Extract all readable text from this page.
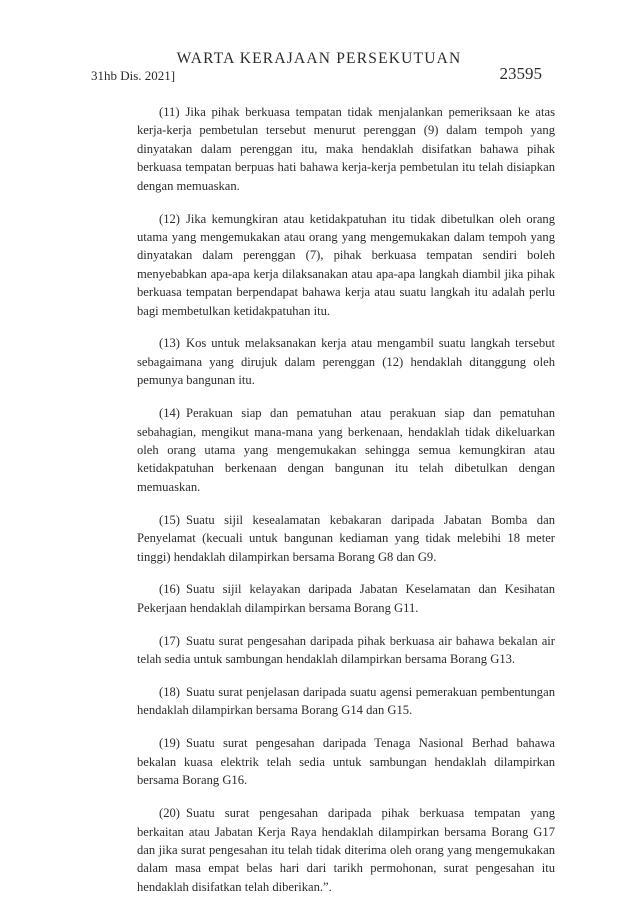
WARTA KERAJAAN PERSEKUTUAN
31hb Dis. 2021]	23595

(11) Jika pihak berkuasa tempatan tidak menjalankan pemeriksaan ke atas kerja-kerja pembetulan tersebut menurut perenggan (9) dalam tempoh yang dinyatakan dalam perenggan itu, maka hendaklah disifatkan bahawa pihak berkuasa tempatan berpuas hati bahawa kerja-kerja pembetulan itu telah disiapkan dengan memuaskan.

(12) Jika kemungkiran atau ketidakpatuhan itu tidak dibetulkan oleh orang utama yang mengemukakan atau orang yang mengemukakan dalam tempoh yang dinyatakan dalam perenggan (7), pihak berkuasa tempatan sendiri boleh menyebabkan apa-apa kerja dilaksanakan atau apa-apa langkah diambil jika pihak berkuasa tempatan berpendapat bahawa kerja atau suatu langkah itu adalah perlu bagi membetulkan ketidakpatuhan itu.

(13) Kos untuk melaksanakan kerja atau mengambil suatu langkah tersebut sebagaimana yang dirujuk dalam perenggan (12) hendaklah ditanggung oleh pemunya bangunan itu.

(14) Perakuan siap dan pematuhan atau perakuan siap dan pematuhan sebahagian, mengikut mana-mana yang berkenaan, hendaklah tidak dikeluarkan oleh orang utama yang mengemukakan sehingga semua kemungkiran atau ketidakpatuhan berkenaan dengan bangunan itu telah dibetulkan dengan memuaskan.

(15) Suatu sijil kesealamatan kebakaran daripada Jabatan Bomba dan Penyelamat (kecuali untuk bangunan kediaman yang tidak melebihi 18 meter tinggi) hendaklah dilampirkan bersama Borang G8 dan G9.

(16) Suatu sijil kelayakan daripada Jabatan Keselamatan dan Kesihatan Pekerjaan hendaklah dilampirkan bersama Borang G11.

(17) Suatu surat pengesahan daripada pihak berkuasa air bahawa bekalan air telah sedia untuk sambungan hendaklah dilampirkan bersama Borang G13.

(18) Suatu surat penjelasan daripada suatu agensi pemerakuan pembentungan hendaklah dilampirkan bersama Borang G14 dan G15.

(19) Suatu surat pengesahan daripada Tenaga Nasional Berhad bahawa bekalan kuasa elektrik telah sedia untuk sambungan hendaklah dilampirkan bersama Borang G16.

(20) Suatu surat pengesahan daripada pihak berkuasa tempatan yang berkaitan atau Jabatan Kerja Raya hendaklah dilampirkan bersama Borang G17 dan jika surat pengesahan itu telah tidak diterima oleh orang yang mengemukakan dalam masa empat belas hari dari tarikh permohonan, surat pengesahan itu hendaklah disifatkan telah diberikan.”.
